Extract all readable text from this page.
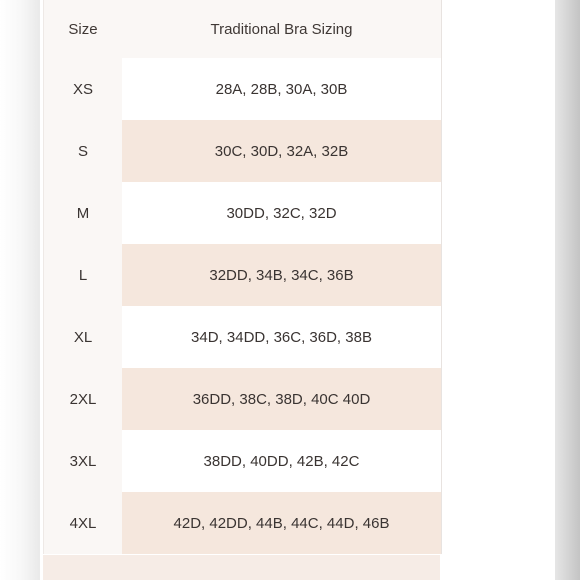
Size	Traditional Bra Sizing
XS	28A, 28B, 30A, 30B
S	30C, 30D, 32A, 32B
M	30DD, 32C, 32D
L	32DD, 34B, 34C, 36B
XL	34D, 34DD, 36C, 36D, 38B
2XL	36DD, 38C, 38D, 40C 40D
3XL	38DD, 40DD, 42B, 42C
4XL	42D, 42DD, 44B, 44C, 44D, 46B
